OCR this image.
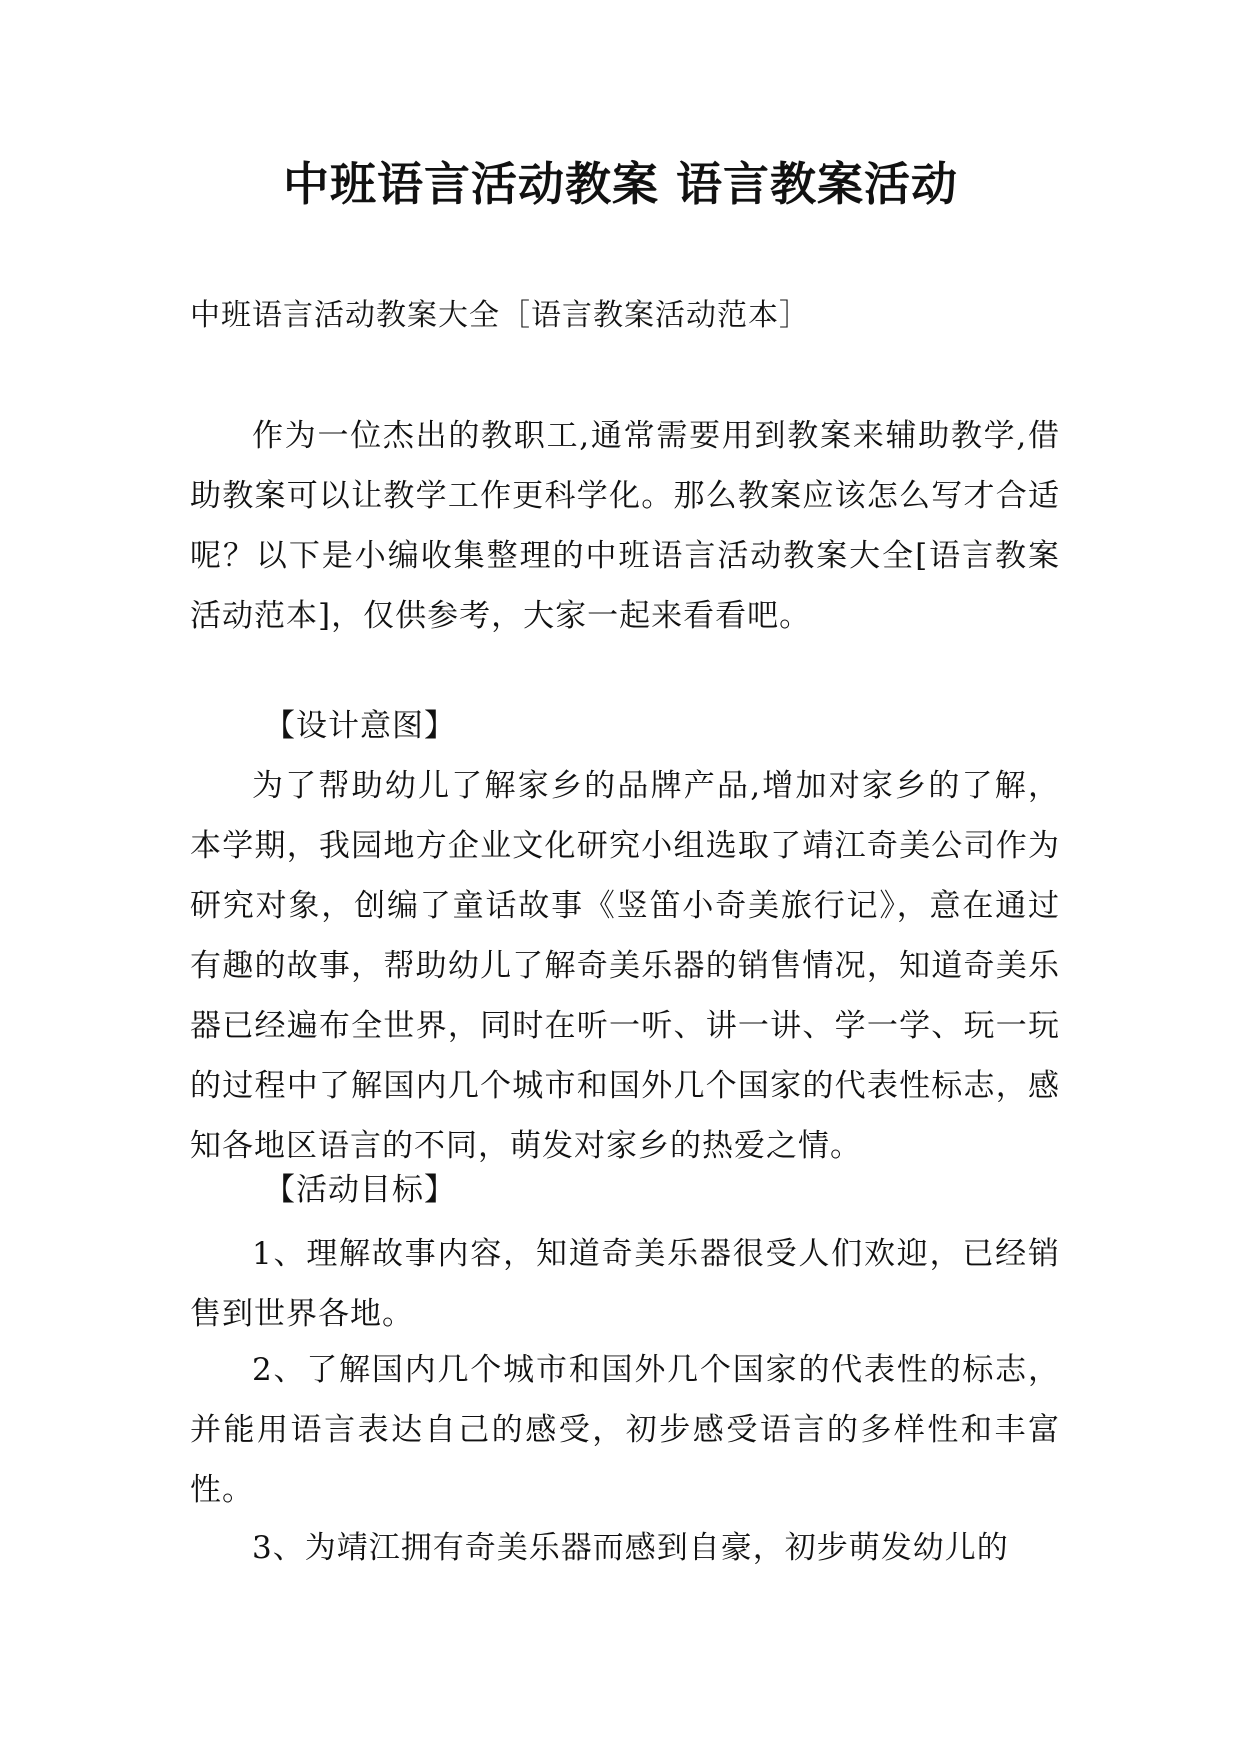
中班语言活动教案 语言教案活动
中班语言活动教案大全［语言教案活动范本］
作为一位杰出的教职工,通常需要用到教案来辅助教学,借助教案可以让教学工作更科学化。那么教案应该怎么写才合适呢？以下是小编收集整理的中班语言活动教案大全[语言教案活动范本]，仅供参考，大家一起来看看吧。
【设计意图】
为了帮助幼儿了解家乡的品牌产品,增加对家乡的了解，本学期，我园地方企业文化研究小组选取了靖江奇美公司作为研究对象，创编了童话故事《竖笛小奇美旅行记》，意在通过有趣的故事，帮助幼儿了解奇美乐器的销售情况，知道奇美乐器已经遍布全世界，同时在听一听、讲一讲、学一学、玩一玩的过程中了解国内几个城市和国外几个国家的代表性标志，感知各地区语言的不同，萌发对家乡的热爱之情。
【活动目标】
1、理解故事内容，知道奇美乐器很受人们欢迎，已经销售到世界各地。
2、了解国内几个城市和国外几个国家的代表性的标志，并能用语言表达自己的感受，初步感受语言的多样性和丰富性。
3、为靖江拥有奇美乐器而感到自豪，初步萌发幼儿的
